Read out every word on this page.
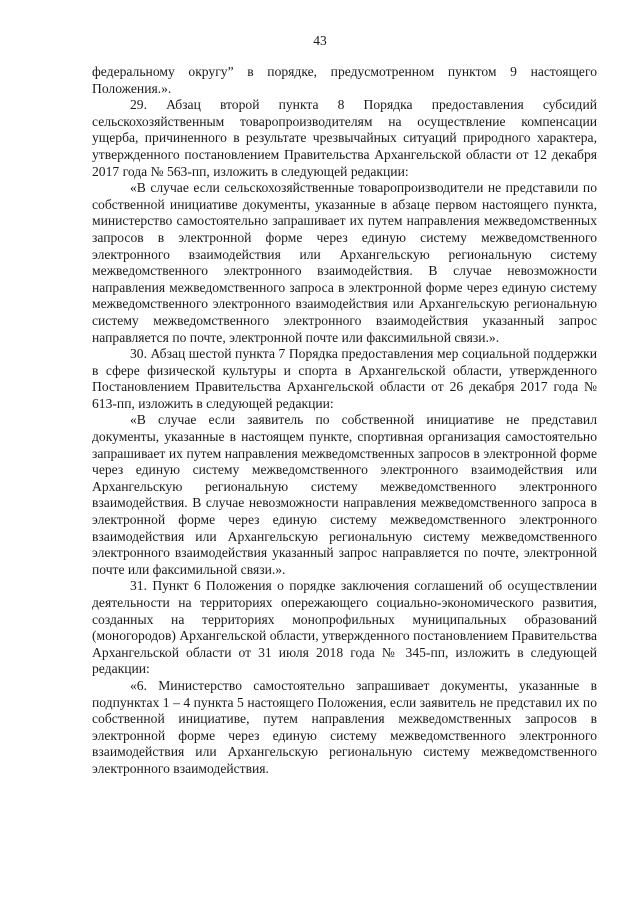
43

федеральному округу” в порядке, предусмотренном пунктом 9 настоящего Положения.».

29. Абзац второй пункта 8 Порядка предоставления субсидий сельскохозяйственным товаропроизводителям на осуществление компенсации ущерба, причиненного в результате чрезвычайных ситуаций природного характера, утвержденного постановлением Правительства Архангельской области от 12 декабря 2017 года № 563-пп, изложить в следующей редакции:

«В случае если сельскохозяйственные товаропроизводители не представили по собственной инициативе документы, указанные в абзаце первом настоящего пункта, министерство самостоятельно запрашивает их путем направления межведомственных запросов в электронной форме через единую систему межведомственного электронного взаимодействия или Архангельскую региональную систему межведомственного электронного взаимодействия. В случае невозможности направления межведомственного запроса в электронной форме через единую систему межведомственного электронного взаимодействия или Архангельскую региональную систему межведомственного электронного взаимодействия указанный запрос направляется по почте, электронной почте или факсимильной связи.».

30. Абзац шестой пункта 7 Порядка предоставления мер социальной поддержки в сфере физической культуры и спорта в Архангельской области, утвержденного Постановлением Правительства Архангельской области от 26 декабря 2017 года № 613-пп, изложить в следующей редакции:

«В случае если заявитель по собственной инициативе не представил документы, указанные в настоящем пункте, спортивная организация самостоятельно запрашивает их путем направления межведомственных запросов в электронной форме через единую систему межведомственного электронного взаимодействия или Архангельскую региональную систему межведомственного электронного взаимодействия. В случае невозможности направления межведомственного запроса в электронной форме через единую систему межведомственного электронного взаимодействия или Архангельскую региональную систему межведомственного электронного взаимодействия указанный запрос направляется по почте, электронной почте или факсимильной связи.».

31. Пункт 6 Положения о порядке заключения соглашений об осуществлении деятельности на территориях опережающего социально-экономического развития, созданных на территориях монопрофильных муниципальных образований (моногородов) Архангельской области, утвержденного постановлением Правительства Архангельской области от 31 июля 2018 года № 345-пп, изложить в следующей редакции:

«6. Министерство самостоятельно запрашивает документы, указанные в подпунктах 1 – 4 пункта 5 настоящего Положения, если заявитель не представил их по собственной инициативе, путем направления межведомственных запросов в электронной форме через единую систему межведомственного электронного взаимодействия или Архангельскую региональную систему межведомственного электронного взаимодействия.
